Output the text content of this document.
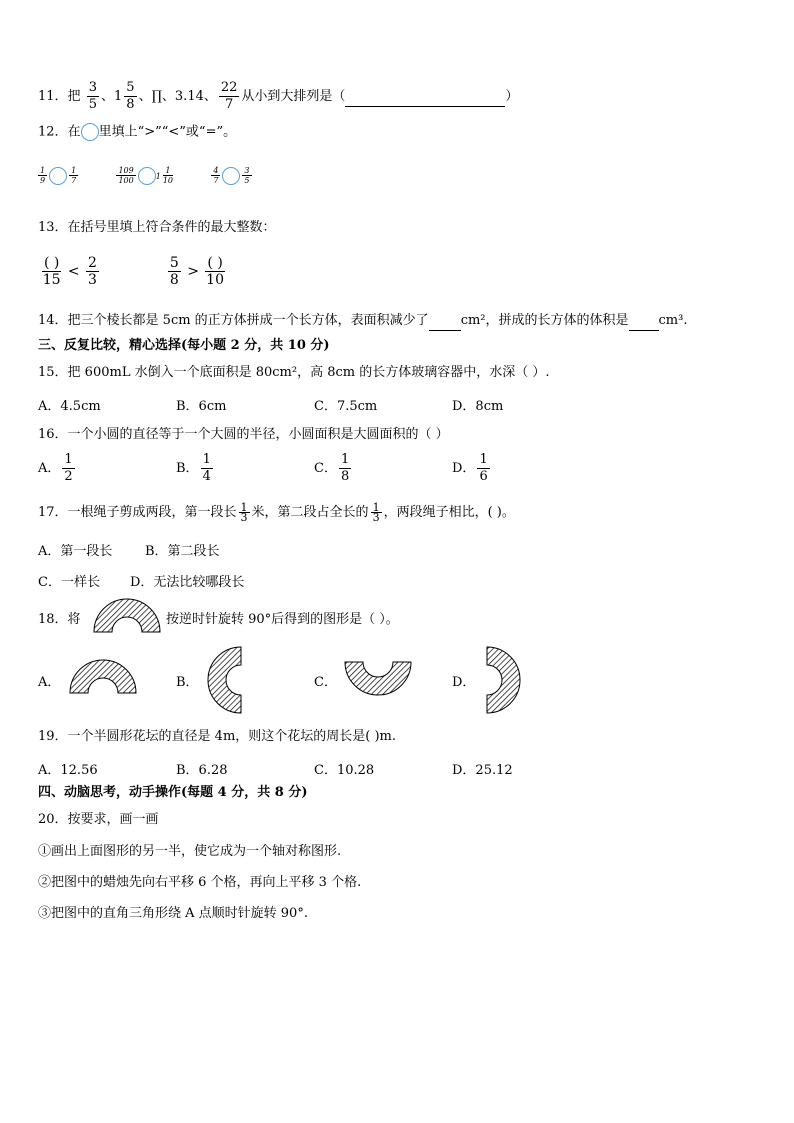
11．把 $\frac{3}{5}$ 、$1 \frac{5}{8}$ 、∏、3.14、 $\frac{22}{7}$ 从小到大排列是（	）
12．在 里填上“>”“<”或“=”。
$\frac{1}{9}$	$\frac{1}{7}$
	$\frac{109}{100}$	$1 \frac{1}{10}$
	$\frac{4}{7}$	$\frac{3}{5}$
13．在括号里填上符合条件的最大整数：
$\frac{( )}{15} < \frac{2}{3}$
	$\frac{5}{8} > \frac{( )}{10}$
14．把三个棱长都是 5cm 的正方体拼成一个长方体，表面积减少了 cm²，拼成的长方体的体积是 cm³.
三、反复比较，精心选择(每小题 2 分，共 10 分)
15．把 600mL 水倒入一个底面积是 80cm²，高 8cm 的长方体玻璃容器中，水深（ ）.
A．4.5cm	B．6cm	C．7.5cm	D．8cm
16．一个小圆的直径等于一个大圆的半径，小圆面积是大圆面积的（ ）
A． $\frac{1}{2}$	B． $\frac{1}{4}$	C． $\frac{1}{8}$	D． $\frac{1}{6}$
17．一根绳子剪成两段，第一段长 $\frac{1}{3}$ 米，第二段占全长的 $\frac{1}{3}$ ，两段绳子相比，( )。
A．第一段长	B．第二段长
C．一样长 D．无法比较哪段长
18．将	按逆时针旋转 90°后得到的图形是（ ）。
A．	B．	C．	D．
19．一个半圆形花坛的直径是 4m，则这个花坛的周长是( )m.
A．12.56	B．6.28	C．10.28	D．25.12
四、动脑思考，动手操作(每题 4 分，共 8 分)
20．按要求，画一画
①画出上面图形的另一半，使它成为一个轴对称图形.
②把图中的蜡烛先向右平移 6 个格，再向上平移 3 个格.
③把图中的直角三角形绕 A 点顺时针旋转 90°.
